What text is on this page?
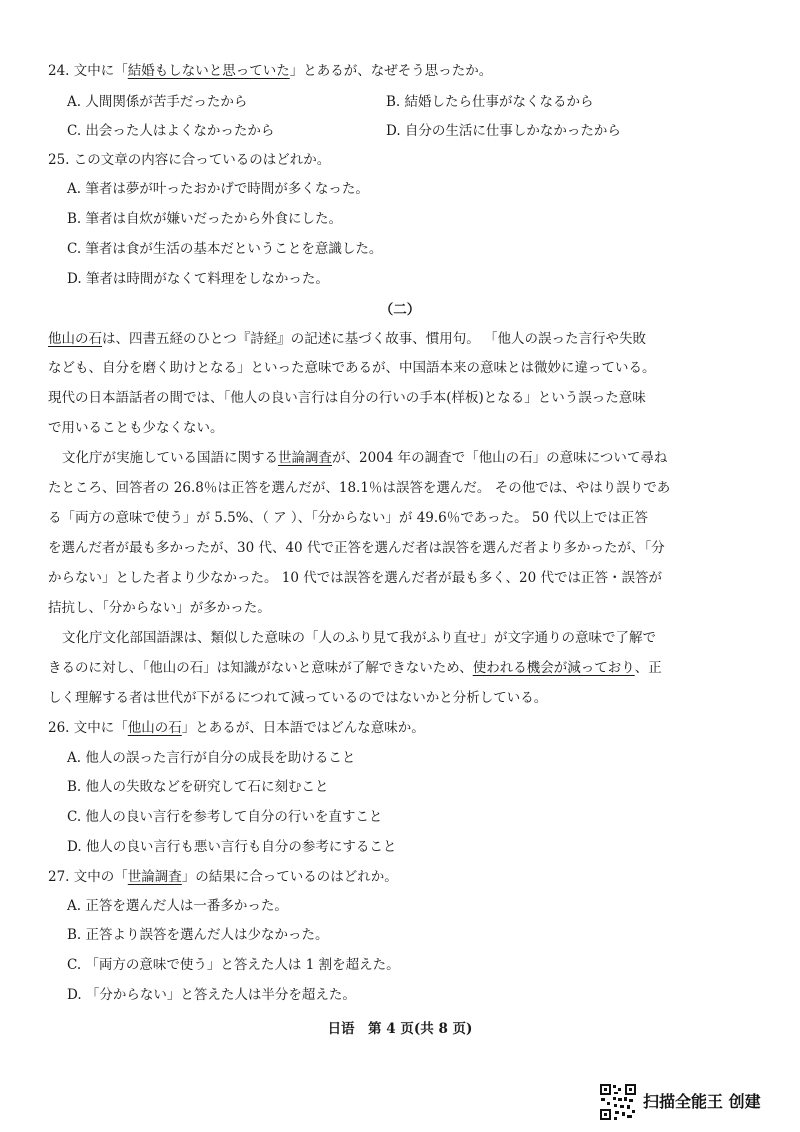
24. 文中に「結婚もしないと思っていた」とあるが、なぜそう思ったか。
A. 人間関係が苦手だったから	B. 結婚したら仕事がなくなるから
C. 出会った人はよくなかったから	D. 自分の生活に仕事しかなかったから
25. この文章の内容に合っているのはどれか。
A. 筆者は夢が叶ったおかげで時間が多くなった。
B. 筆者は自炊が嫌いだったから外食にした。
C. 筆者は食が生活の基本だということを意識した。
D. 筆者は時間がなくて料理をしなかった。
（二）
他山の石は、四書五経のひとつ『詩経』の記述に基づく故事、慣用句。 「他人の誤った言行や失敗
なども、自分を磨く助けとなる」といった意味であるが、中国語本来の意味とは微妙に違っている。
現代の日本語話者の間では、「他人の良い言行は自分の行いの手本(样板)となる」という誤った意味
で用いることも少なくない。
文化庁が実施している国語に関する世論調査が、2004 年の調査で「他山の石」の意味について尋ね
たところ、回答者の 26.8％は正答を選んだが、18.1％は誤答を選んだ。 その他では、やはり誤りであ
る「両方の意味で使う」が 5.5%、（ ア ）、「分からない」が 49.6％であった。 50 代以上では正答
を選んだ者が最も多かったが、30 代、40 代で正答を選んだ者は誤答を選んだ者より多かったが、「分
からない」とした者より少なかった。 10 代では誤答を選んだ者が最も多く、20 代では正答・誤答が
拮抗し、「分からない」が多かった。
文化庁文化部国語課は、類似した意味の「人のふり見て我がふり直せ」が文字通りの意味で了解で
きるのに対し、「他山の石」は知識がないと意味が了解できないため、使われる機会が減っており、正
しく理解する者は世代が下がるにつれて減っているのではないかと分析している。
26. 文中に「他山の石」とあるが、日本語ではどんな意味か。
A. 他人の誤った言行が自分の成長を助けること
B. 他人の失敗などを研究して石に刻むこと
C. 他人の良い言行を参考して自分の行いを直すこと
D. 他人の良い言行も悪い言行も自分の参考にすること
27. 文中の「世論調査」の結果に合っているのはどれか。
A. 正答を選んだ人は一番多かった。
B. 正答より誤答を選んだ人は少なかった。
C. 「両方の意味で使う」と答えた人は 1 割を超えた。
D. 「分からない」と答えた人は半分を超えた。
日语　第 4 页(共 8 页)
扫描全能王 创建
